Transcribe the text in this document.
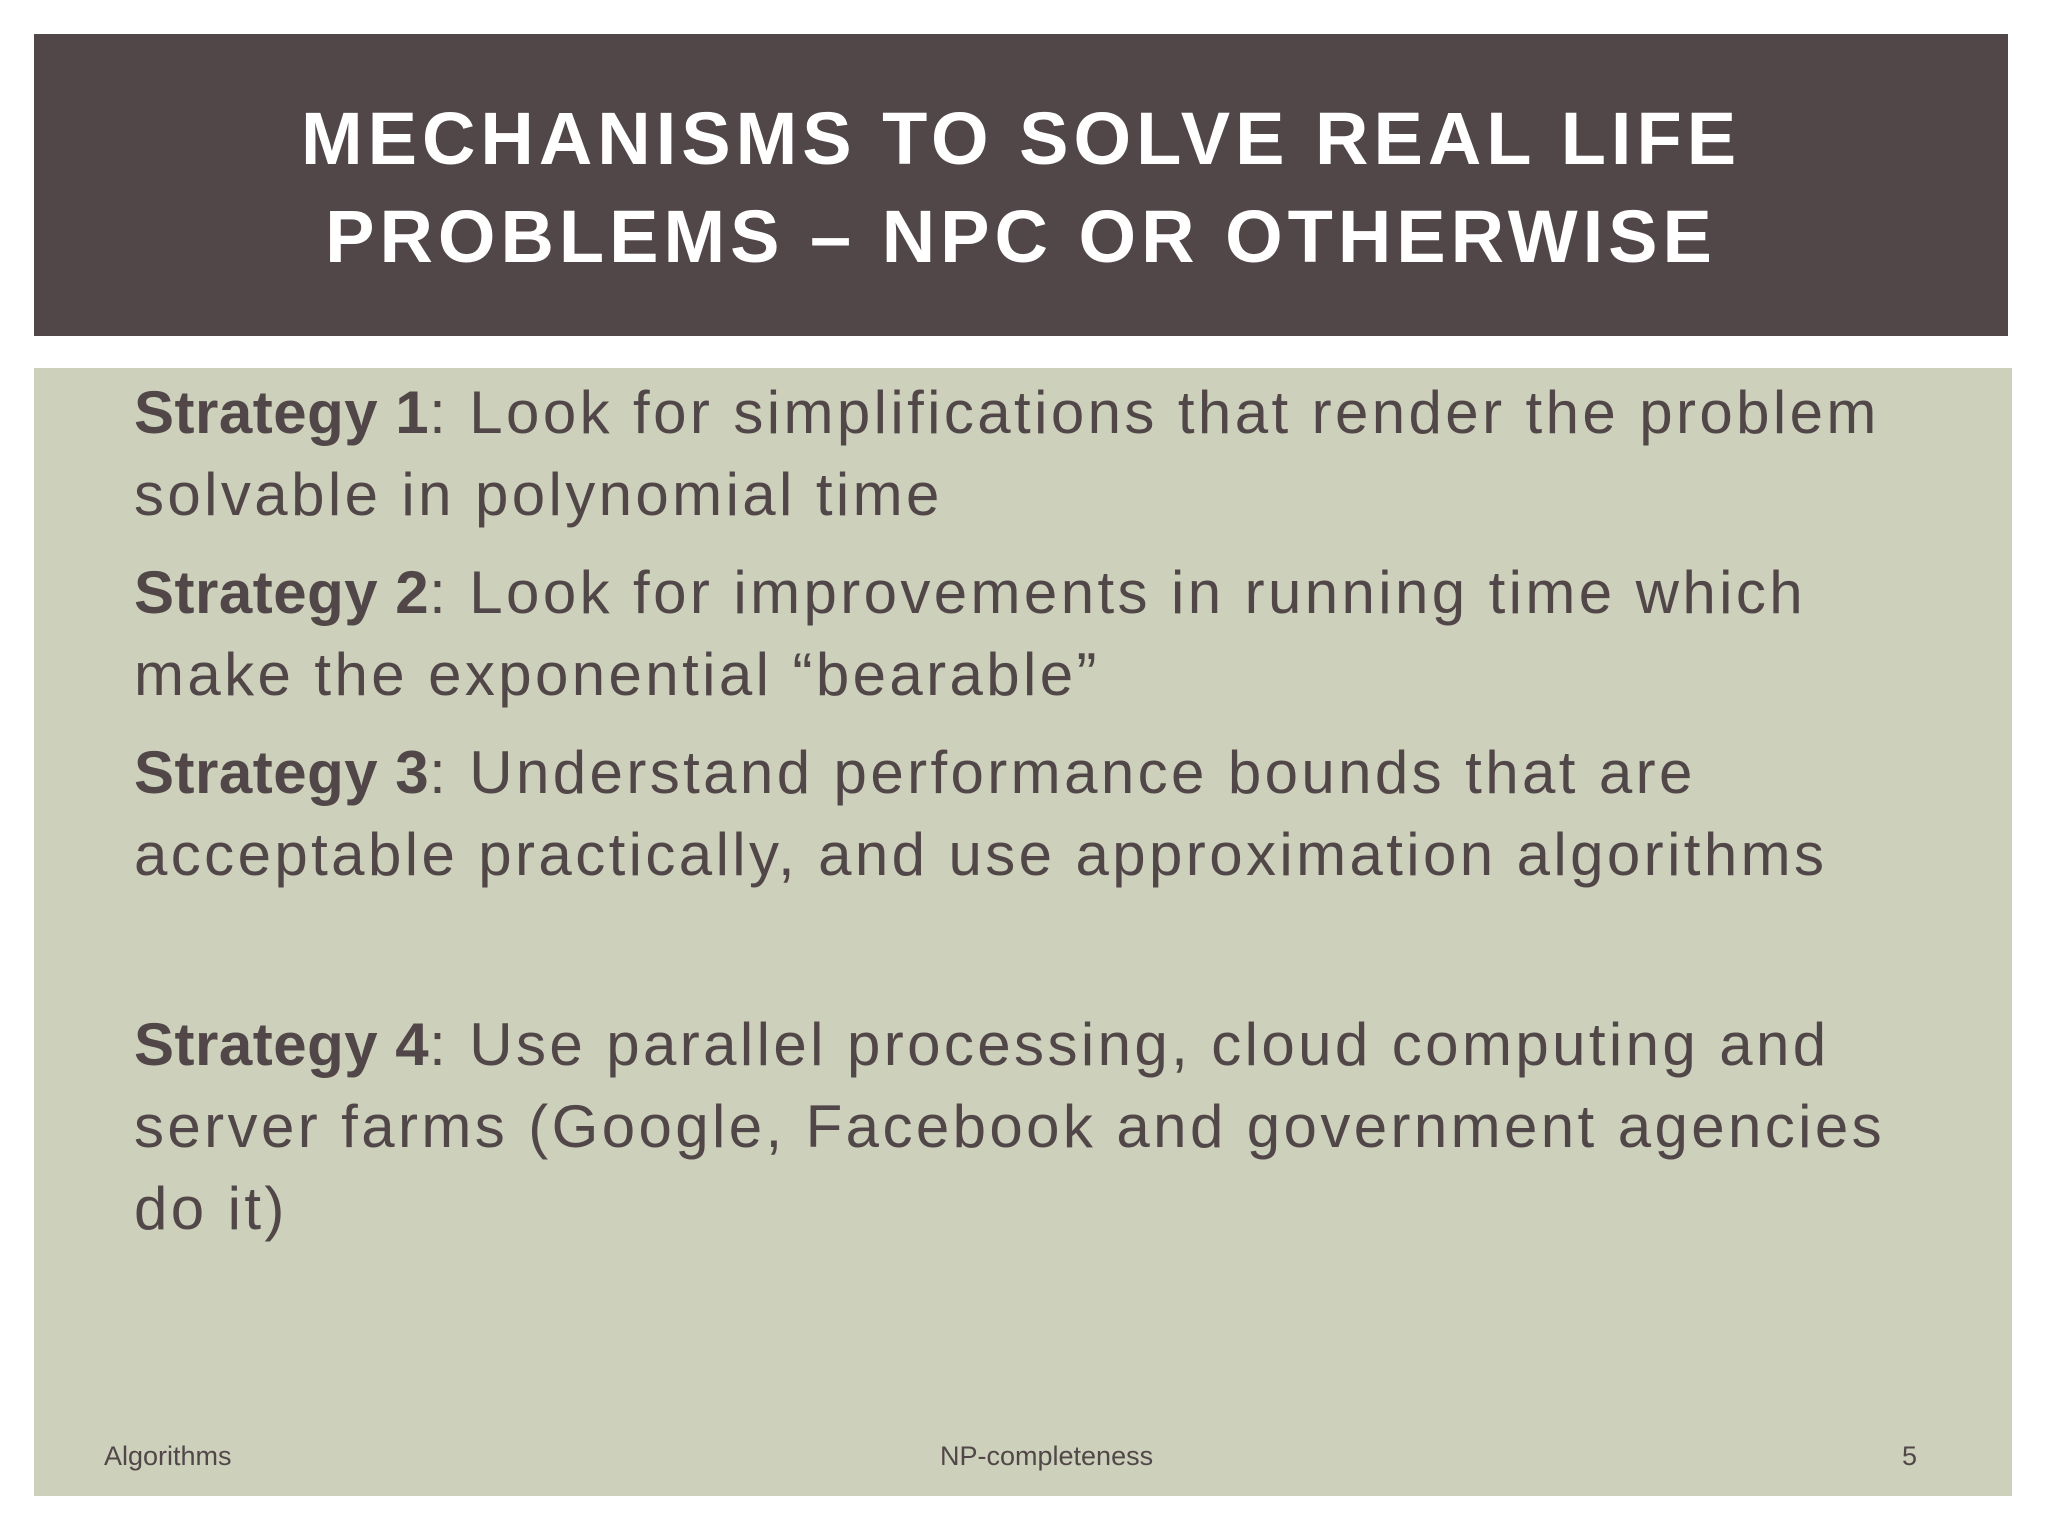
MECHANISMS TO SOLVE REAL LIFE
PROBLEMS – NPC OR OTHERWISE
Strategy 1: Look for simplifications that render the problem solvable in polynomial time
Strategy 2: Look for improvements in running time which make the exponential “bearable”
Strategy 3: Understand performance bounds that are acceptable practically, and use approximation algorithms
Strategy 4: Use parallel processing, cloud computing and server farms (Google, Facebook and government agencies do it)
Algorithms	NP-completeness	5
